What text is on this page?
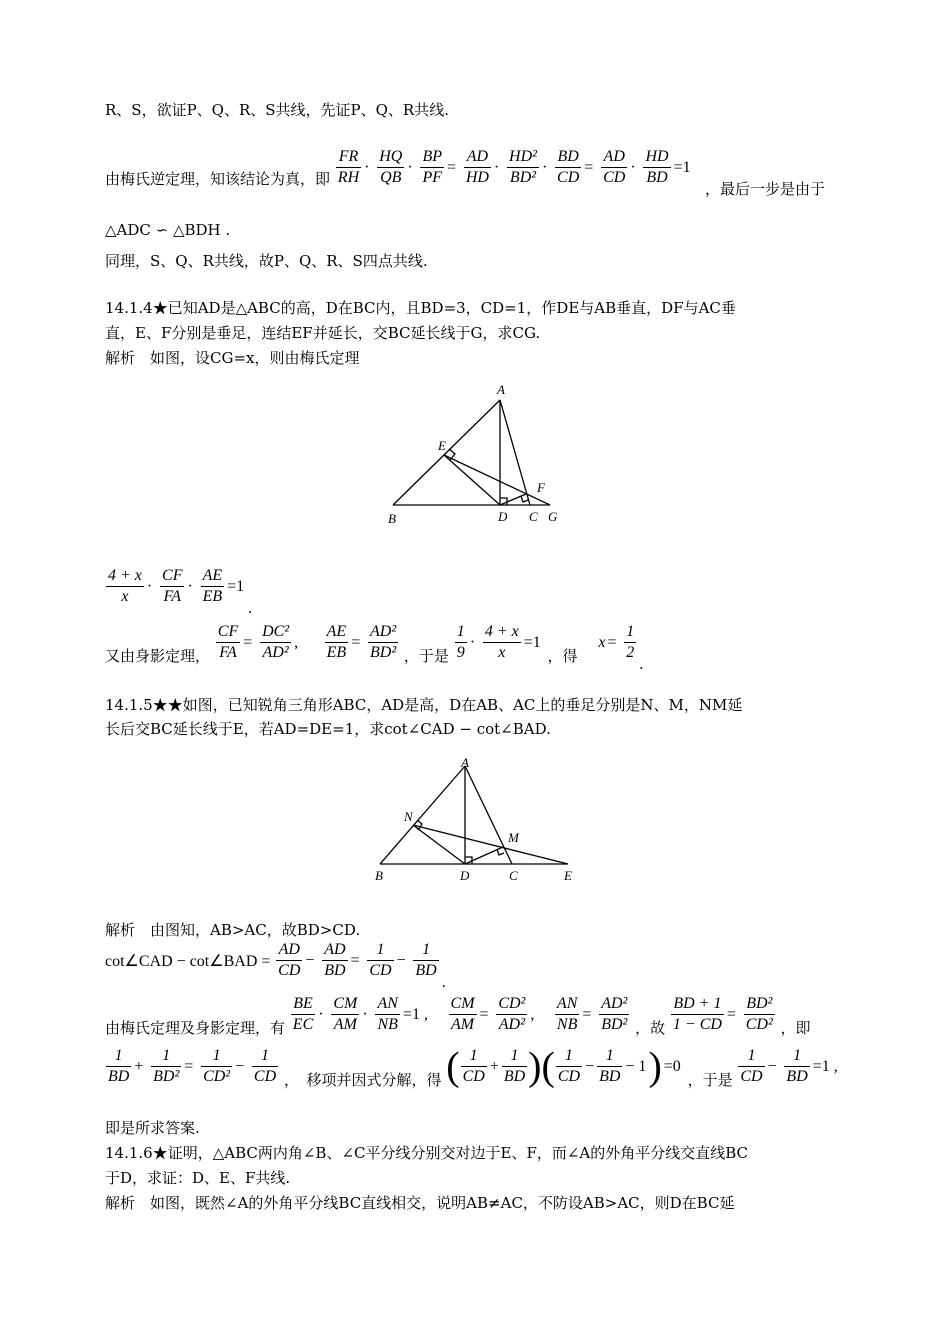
R、S，欲证P、Q、R、S共线，先证P、Q、R共线.
由梅氏逆定理，知该结论为真，即 $\frac{FR}{RH} \cdot \frac{HQ}{QB} \cdot \frac{BP}{PF} = \frac{AD}{HD} \cdot \frac{\text{HD²}}{\text{BD²}} \cdot \frac{BD}{CD} = \frac{AD}{CD} \cdot \frac{HD}{BD} =1$
，最后一步是由于
△ADC ∽ △BDH .
同理，S、Q、R共线，故P、Q、R、S四点共线.
14.1.4★已知AD是△ABC的高，D在BC内，且BD=3，CD=1，作DE与AB垂直，DF与AC垂
直，E、F分别是垂足，连结EF并延长，交BC延长线于G，求CG.
解析　如图，设CG=x，则由梅氏定理
A
E
F
B	D C G
$\frac{4 + x}{x} \cdot \frac{CF}{FA} \cdot \frac{AE}{EB} =1$.
又由身影定理， $\frac{CF}{FA} = \frac{\text{DC²}}{\text{AD²}}$ , $\frac{AE}{EB} = \frac{\text{AD²}}{\text{BD²}}$ ，于是 $\frac{1}{9} \cdot \frac{4 + x}{x} =1$ ，得 $x = \frac{1}{2}$
.
14.1.5★★如图，已知锐角三角形ABC，AD是高，D在AB、AC上的垂足分别是N、M，NM延
长后交BC延长线于E，若AD=DE=1，求cot∠CAD − cot∠BAD.
A
N
M
B	D	C	E
解析　由图知，AB>AC，故BD>CD.
cot∠CAD − cot∠BAD = $\frac{AD}{CD} - \frac{AD}{BD} = \frac{1}{CD} - \frac{1}{BD}$
.
由梅氏定理及身影定理，有 $\frac{BE}{EC} \cdot \frac{CM}{AM} \cdot \frac{AN}{NB} =1$ , $\frac{CM}{AM} = \frac{\text{CD²}}{\text{AD²}}$ , $\frac{AN}{NB} = \frac{\text{AD²}}{\text{BD²}}$ ，故 $\frac{BD + 1}{1 - CD} = \frac{\text{BD²}}{\text{CD²}}$ ，即
$\frac{1}{BD} + \frac{1}{\text{BD²}} = \frac{1}{\text{CD²}} - \frac{1}{CD}$ ，　移项并因式分解，得 ( $\frac{1}{CD} + \frac{1}{BD}$ )( $\frac{1}{CD} - \frac{1}{BD} - 1) =0$ ，于是 $\frac{1}{CD} - \frac{1}{BD} =1$ ,
即是所求答案.
14.1.6★证明，△ABC两内角∠B、∠C平分线分别交对边于E、F，而∠A的外角平分线交直线BC
于D，求证：D、E、F共线.
解析　如图，既然∠A的外角平分线BC直线相交，说明AB≠AC，不防设AB>AC，则D在BC延
